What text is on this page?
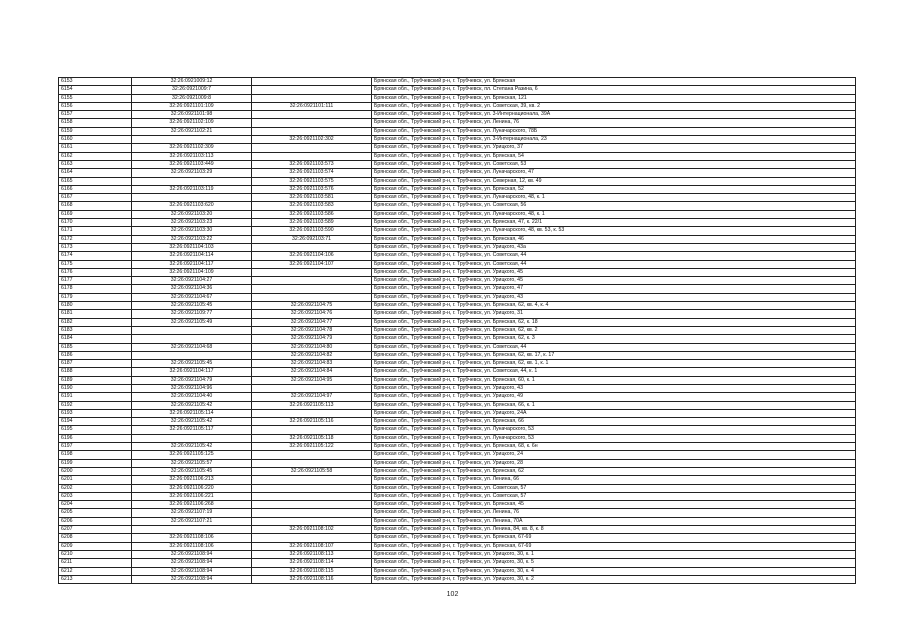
6153	32:26:0921009:12		Брянская обл., Трубчевский р-н, г. Трубчевск, ул. Брянская
6154	32:26:0921009:7		Брянская обл., Трубчевский р-н, г. Трубчевск, пл. Степана Разина, 6
6155	32:26:0921009:8		Брянская обл., Трубчевский р-н, г. Трубчевск, ул. Брянская, 121
6156	32:26:0921101:109	32:26:0921101:111	Брянская обл., Трубчевский р-н, г. Трубчевск, ул. Советская, 39, кв. 2
6157	32:26:0921101:98		Брянская обл., Трубчевский р-н, г. Трубчевск, ул. 3-Интернационала, 39А
6158	32:26:0921102:109		Брянская обл., Трубчевский р-н, г. Трубчевск, ул. Ленина, 76
6159	32:26:0921102:21		Брянская обл., Трубчевский р-н, г. Трубчевск, ул. Луначарского, 78Б
6160		32:26:0921102:302	Брянская обл., Трубчевский р-н, г. Трубчевск, ул. 3-Интернационала, 23
6161	32:26:0921102:309		Брянская обл., Трубчевский р-н, г. Трубчевск, ул. Урицкого, 37
6162	32:26:0921103:113		Брянская обл., Трубчевский р-н, г. Трубчевск, ул. Брянская, 54
6163	32:26:0921103:449	32:26:0921103:573	Брянская обл., Трубчевский р-н, г. Трубчевск, ул. Советская, 53
6164	32:26:0921103:29	32:26:0921103:574	Брянская обл., Трубчевский р-н, г. Трубчевск, ул. Луначарского, 47
6165		32:26:0921103:575	Брянская обл., Трубчевский р-н, г. Трубчевск, ул. Северная, 12, кв. 49
6166	32:26:0921103:119	32:26:0921103:576	Брянская обл., Трубчевский р-н, г. Трубчевск, ул. Брянская, 52
6167		32:26:0921103:581	Брянская обл., Трубчевский р-н, г. Трубчевск, ул. Луначарского, 48, к. 1
6168	32:26:0921103:620	32:26:0921103:583	Брянская обл., Трубчевский р-н, г. Трубчевск, ул. Советская, 56
6169	32:26:0921103:20	32:26:0921103:586	Брянская обл., Трубчевский р-н, г. Трубчевск, ул. Луначарского, 48, к. 1
6170	32:26:0921103:23	32:26:0921103:589	Брянская обл., Трубчевский р-н, г. Трубчевск, ул. Брянская, 47, к. 22/1
6171	32:26:0921103:30	32:26:0921103:590	Брянская обл., Трубчевский р-н, г. Трубчевск, ул. Луначарского, 48, кв. 53, к. 53
6172	32:26:0921103:22	32:26:092103:71	Брянская обл., Трубчевский р-н, г. Трубчевск, ул. Брянская, 46
6173	32:26:0921104:103		Брянская обл., Трубчевский р-н, г. Трубчевск, ул. Урицкого, 43а
6174	32:26:0921104:114	32:26:0921104:106	Брянская обл., Трубчевский р-н, г. Трубчевск, ул. Советская, 44
6175	32:26:0921104:117	32:26:0921104:107	Брянская обл., Трубчевский р-н, г. Трубчевск, ул. Советская, 44
6176	32:26:0921104:109		Брянская обл., Трубчевский р-н, г. Трубчевск, ул. Урицкого, 45
6177	32:26:0921104:27		Брянская обл., Трубчевский р-н, г. Трубчевск, ул. Урицкого, 45
6178	32:26:0921104:36		Брянская обл., Трубчевский р-н, г. Трубчевск, ул. Урицкого, 47
6179	32:26:0921104:67		Брянская обл., Трубчевский р-н, г. Трубчевск, ул. Урицкого, 43
6180	32:26:0921105:45	32:26:0921104:75	Брянская обл., Трубчевский р-н, г. Трубчевск, ул. Брянская, 62, кв. 4, к. 4
6181	32:26:0921109:77	32:26:0921104:76	Брянская обл., Трубчевский р-н, г. Трубчевск, ул. Урицкого, 31
6182	32:26:0921105:49	32:26:0921104:77	Брянская обл., Трубчевский р-н, г. Трубчевск, ул. Брянская, 62, к. 18
6183		32:26:0921104:78	Брянская обл., Трубчевский р-н, г. Трубчевск, ул. Брянская, 62, кв. 2
6184		32:26:0921104:79	Брянская обл., Трубчевский р-н, г. Трубчевск, ул. Брянская, 62, к. 3
6185	32:26:0921104:68	32:26:0921104:80	Брянская обл., Трубчевский р-н, г. Трубчевск, ул. Советская, 44
6186		32:26:0921104:82	Брянская обл., Трубчевский р-н, г. Трубчевск, ул. Брянская, 62, кв. 17, к. 17
6187	32:26:0921105:45	32:26:0921104:83	Брянская обл., Трубчевский р-н, г. Трубчевск, ул. Брянская, 62, кв. 1, к. 1
6188	32:26:0921104:117	32:26:0921104:84	Брянская обл., Трубчевский р-н, г. Трубчевск, ул. Советская, 44, к. 1
6189	32:26:0921104:79	32:26:0921104:95	Брянская обл., Трубчевский р-н, г. Трубчевск, ул. Брянская, 60, к. 1
6190	32:26:0921104:96		Брянская обл., Трубчевский р-н, г. Трубчевск, ул. Урицкого, 43
6191	32:26:0921104:40	32:26:0921104:97	Брянская обл., Трубчевский р-н, г. Трубчевск, ул. Урицкого, 49
6192	32:26:0921105:42	32:26:0921105:113	Брянская обл., Трубчевский р-н, г. Трубчевск, ул. Брянская, 66, к. 1
6193	32:26:0921105:114		Брянская обл., Трубчевский р-н, г. Трубчевск, ул. Урицкого, 24А
6194	32:26:0921105:42	32:26:0921105:116	Брянская обл., Трубчевский р-н, г. Трубчевск, ул. Брянская, 66
6195	32:26:0921105:117		Брянская обл., Трубчевский р-н, г. Трубчевск, ул. Луначарского, 53
6196		32:26:0921105:118	Брянская обл., Трубчевский р-н, г. Трубчевск, ул. Луначарского, 53
6197	32:26:0921105:42	32:26:0921105:122	Брянская обл., Трубчевский р-н, г. Трубчевск, ул. Брянская, 68, к. 6н
6198	32:26:0921105:125		Брянская обл., Трубчевский р-н, г. Трубчевск, ул. Урицкого, 24
6199	32:26:0921105:57		Брянская обл., Трубчевский р-н, г. Трубчевск, ул. Урицкого, 28
6200	32:26:0921105:45	32:26:0921105:58	Брянская обл., Трубчевский р-н, г. Трубчевск, ул. Брянская, 62
6201	32:26:0921106:213		Брянская обл., Трубчевский р-н, г. Трубчевск, ул. Ленина, 66
6202	32:26:0921106:220		Брянская обл., Трубчевский р-н, г. Трубчевск, ул. Советская, 57
6203	32:26:0921106:221		Брянская обл., Трубчевский р-н, г. Трубчевск, ул. Советская, 57
6204	32:26:0921106:268		Брянская обл., Трубчевский р-н, г. Трубчевск, ул. Брянская, 45
6205	32:26:0921107:19		Брянская обл., Трубчевский р-н, г. Трубчевск, ул. Ленина, 76
6206	32:26:0921107:21		Брянская обл., Трубчевский р-н, г. Трубчевск, ул. Ленина, 70А
6207		32:26:0921108:102	Брянская обл., Трубчевский р-н, г. Трубчевск, ул. Ленина, 84, кв. 8, к. 8
6208	32:26:0921108:106		Брянская обл., Трубчевский р-н, г. Трубчевск, ул. Брянская, 67-69
6209	32:26:0921108:106	32:26:0921108:107	Брянская обл., Трубчевский р-н, г. Трубчевск, ул. Брянская, 67-69
6210	32:26:0921108:94	32:26:0921108:113	Брянская обл., Трубчевский р-н, г. Трубчевск, ул. Урицкого, 30, к. 1
6211	32:26:0921108:94	32:26:0921108:114	Брянская обл., Трубчевский р-н, г. Трубчевск, ул. Урицкого, 30, к. 5
6212	32:26:0921108:94	32:26:0921108:115	Брянская обл., Трубчевский р-н, г. Трубчевск, ул. Урицкого, 30, к. 4
6213	32:26:0921108:94	32:26:0921108:116	Брянская обл., Трубчевский р-н, г. Трубчевск, ул. Урицкого, 30, к. 2
102
